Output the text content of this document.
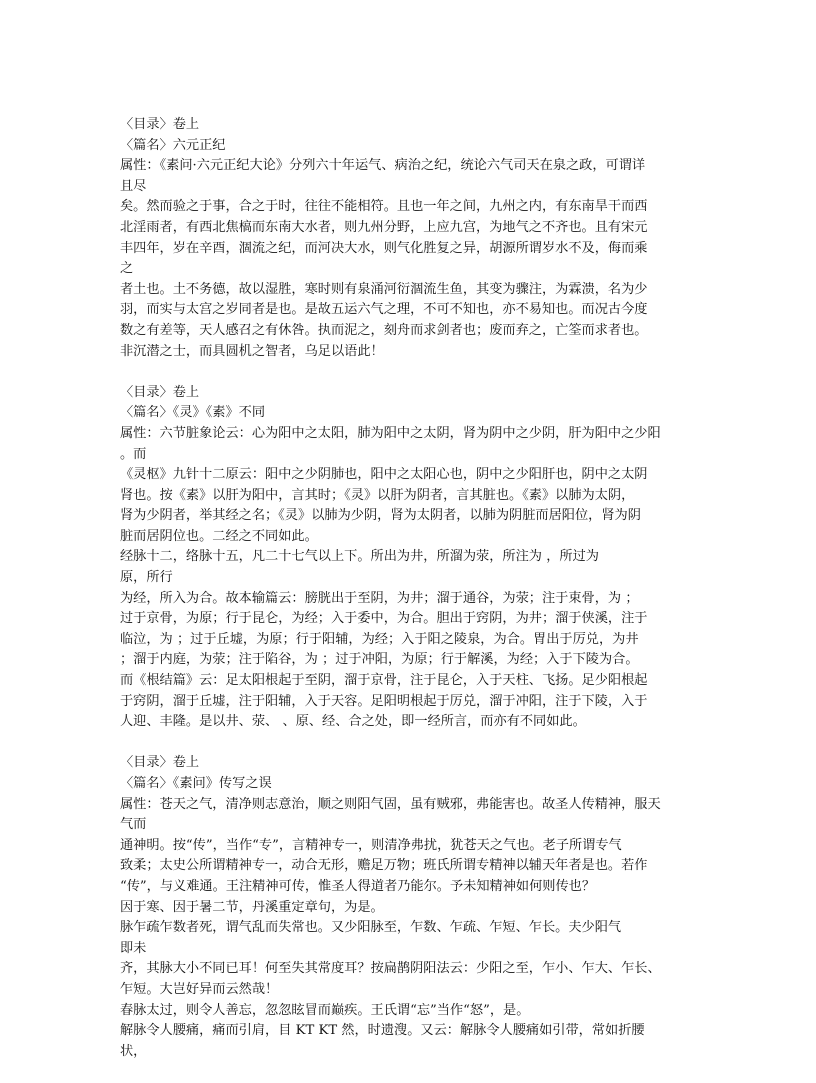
〈目录〉卷上
〈篇名〉六元正纪
属性：《素问·六元正纪大论》分列六十年运气、病治之纪，统论六气司天在泉之政，可谓详
且尽
矣。然而验之于事，合之于时，往往不能相符。且也一年之间，九州之内，有东南旱干而西
北淫雨者，有西北焦槁而东南大水者，则九州分野，上应九宫，为地气之不齐也。且有宋元
丰四年，岁在辛酉，涸流之纪，而河决大水，则气化胜复之异，胡源所谓岁水不及，侮而乘
之
者土也。土不务德，故以湿胜，寒时则有泉涌河衍涸流生鱼，其变为骤注，为霖溃，名为少
羽，而实与太宫之岁同者是也。是故五运六气之理，不可不知也，亦不易知也。而况古今度
数之有差等，天人感召之有休咎。执而泥之，刻舟而求剑者也；废而弃之，亡筌而求者也。
非沉潜之士，而具圆机之智者，乌足以语此！
〈目录〉卷上
〈篇名〉《灵》《素》不同
属性：六节脏象论云：心为阳中之太阳，肺为阳中之太阴，肾为阴中之少阴，肝为阳中之少阳
。而
《灵枢》九针十二原云：阳中之少阴肺也，阳中之太阳心也，阴中之少阳肝也，阴中之太阴
肾也。按《素》以肝为阳中，言其时；《灵》以肝为阴者，言其脏也。《素》以肺为太阴，
肾为少阴者，举其经之名；《灵》以肺为少阴，肾为太阴者，以肺为阴脏而居阳位，肾为阴
脏而居阴位也。二经之不同如此。
经脉十二，络脉十五，凡二十七气以上下。所出为井，所溜为荥，所注为 ，所过为
原，所行
为经，所入为合。故本输篇云：膀胱出于至阴，为井；溜于通谷，为荥；注于束骨，为 ；
过于京骨，为原；行于昆仑，为经；入于委中，为合。胆出于窍阴，为井；溜于侠溪，注于
临泣，为 ；过于丘墟，为原；行于阳辅，为经；入于阳之陵泉，为合。胃出于厉兑，为井
；溜于内庭，为荥；注于陷谷，为 ；过于冲阳，为原；行于解溪，为经；入于下陵为合。
而《根结篇》云：足太阳根起于至阴，溜于京骨，注于昆仑，入于天柱、飞扬。足少阳根起
于窍阴，溜于丘墟，注于阳辅，入于天容。足阳明根起于厉兑，溜于冲阳，注于下陵，入于
人迎、丰隆。是以井、荥、 、原、经、合之处，即一经所言，而亦有不同如此。
〈目录〉卷上
〈篇名〉《素问》传写之误
属性：苍天之气，清净则志意治，顺之则阳气固，虽有贼邪，弗能害也。故圣人传精神，服天
气而
通神明。按“传”，当作“专”，言精神专一，则清净弗扰，犹苍天之气也。老子所谓专气
致柔；太史公所谓精神专一，动合无形，赡足万物；班氏所谓专精神以辅天年者是也。若作
“传”，与义难通。王注精神可传，惟圣人得道者乃能尔。予未知精神如何则传也？
因于寒、因于暑二节，丹溪重定章句，为是。
脉乍疏乍数者死，谓气乱而失常也。又少阳脉至，乍数、乍疏、乍短、乍长。夫少阳气
即未
齐，其脉大小不同已耳！何至失其常度耳？按扁鹊阴阳法云：少阳之至，乍小、乍大、乍长、
乍短。大岂好异而云然哉！
春脉太过，则令人善忘，忽忽眩冒而巅疾。王氏谓“忘”当作“怒”，是。
解脉令人腰痛，痛而引肩，目 KT KT 然，时遗溲。又云：解脉令人腰痛如引带，常如折腰
状，
